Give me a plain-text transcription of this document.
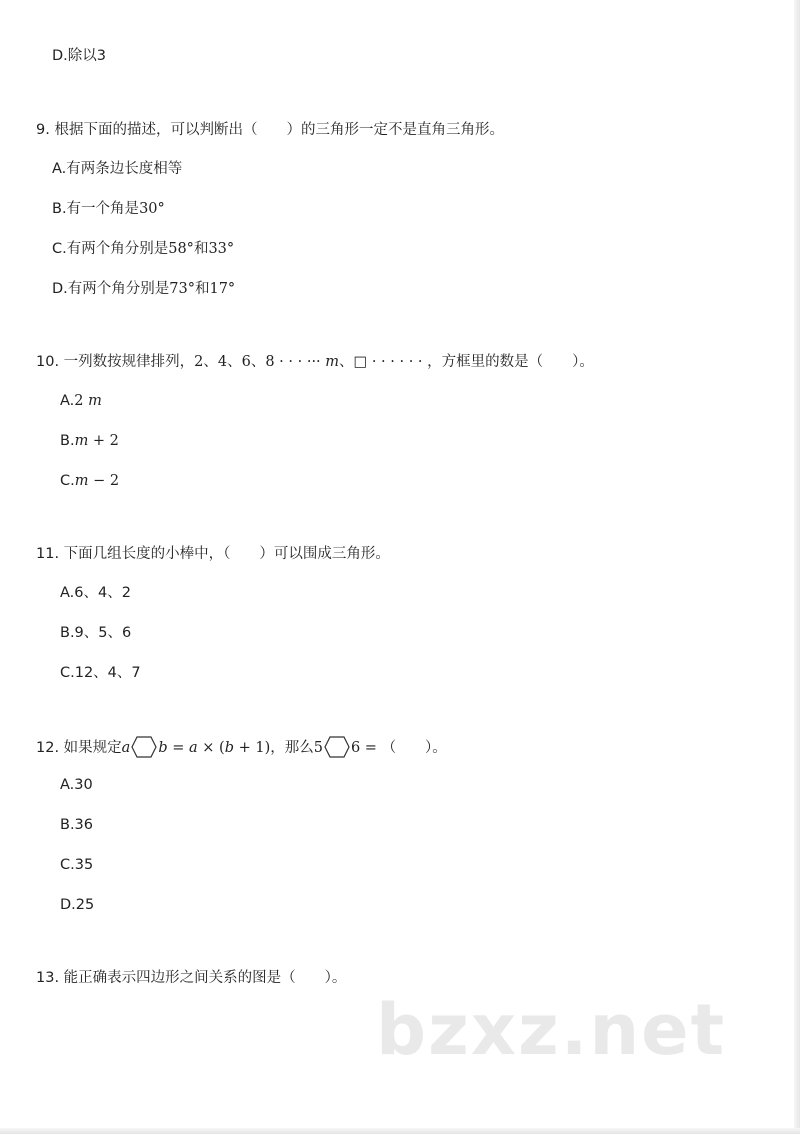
D.除以3
9. 根据下面的描述，可以判断出（　　）的三角形一定不是直角三角形。
A.有两条边长度相等
B.有一个角是30°
C.有两个角分别是58°和33°
D.有两个角分别是73°和17°
10. 一列数按规律排列，2、4、6、8 · · · ··· m、□ · · · · · · ，方框里的数是（　　）。
A.2 m
B.m + 2
C.m − 2
11. 下面几组长度的小棒中，（　　）可以围成三角形。
A.6、4、2
B.9、5、6
C.12、4、7
12. 如果规定a b = a × (b + 1)，那么5 6 = （　　）。
A.30
B.36
C.35
D.25
13. 能正确表示四边形之间关系的图是（　　）。
bzxz.net
